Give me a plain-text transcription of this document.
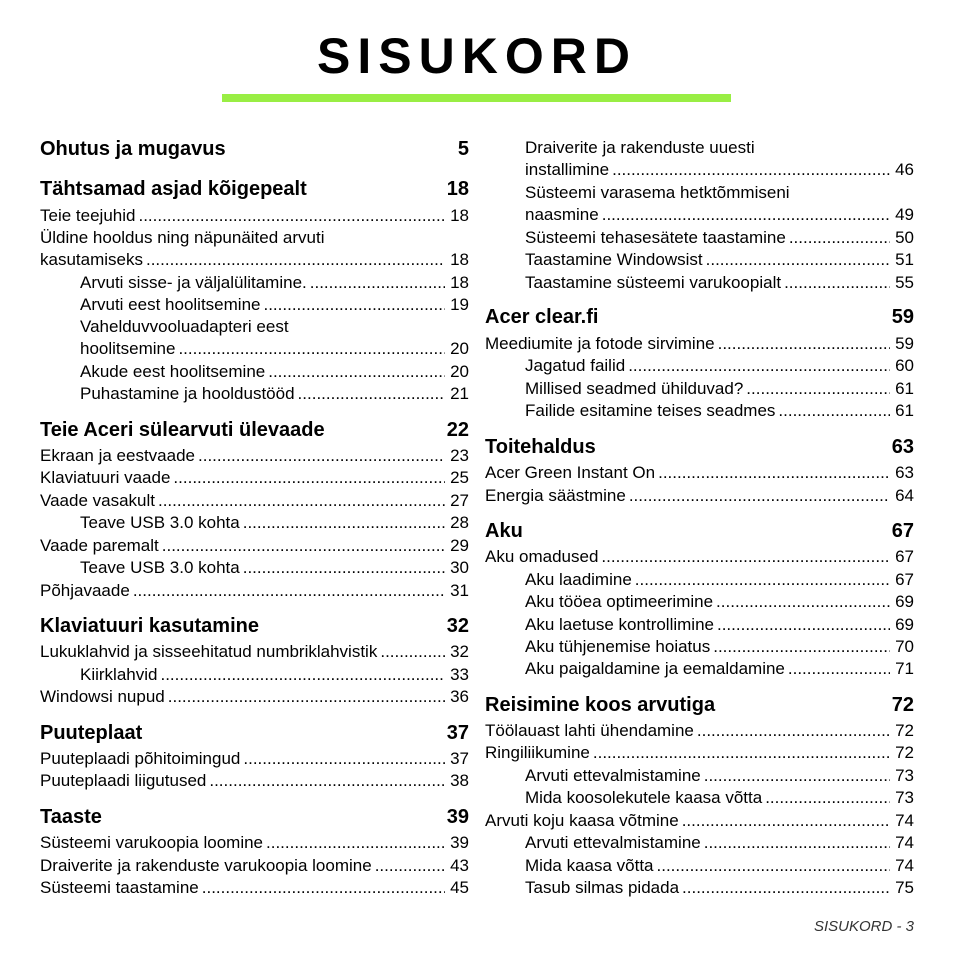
SISUKORD
Ohutus ja mugavus	5
Tähtsamad asjad kõigepealt	18
Teie teejuhid .....	18
Üldine hooldus ning näpunäited arvuti
kasutamiseks .....	18
Arvuti sisse- ja väljalülitamine. .....	18
Arvuti eest hoolitsemine .....	19
Vahelduvvooluadapteri eest
hoolitsemine .....	20
Akude eest hoolitsemine .....	20
Puhastamine ja hooldustööd .....	21
Teie Aceri sülearvuti ülevaade	22
Ekraan ja eestvaade .....	23
Klaviatuuri vaade .....	25
Vaade vasakult .....	27
Teave USB 3.0 kohta .....	28
Vaade paremalt .....	29
Teave USB 3.0 kohta .....	30
Põhjavaade .....	31
Klaviatuuri kasutamine	32
Lukuklahvid ja sisseehitatud numbriklahvistik .....	32
Kiirklahvid .....	33
Windowsi nupud .....	36
Puuteplaat	37
Puuteplaadi põhitoimingud .....	37
Puuteplaadi liigutused .....	38
Taaste	39
Süsteemi varukoopia loomine .....	39
Draiverite ja rakenduste varukoopia loomine .....	43
Süsteemi taastamine .....	45
Draiverite ja rakenduste uuesti
installimine .....	46
Süsteemi varasema hetktõmmiseni
naasmine .....	49
Süsteemi tehasesätete taastamine .....	50
Taastamine Windowsist .....	51
Taastamine süsteemi varukoopialt .....	55
Acer clear.fi	59
Meediumite ja fotode sirvimine .....	59
Jagatud failid .....	60
Millised seadmed ühilduvad? .....	61
Failide esitamine teises seadmes .....	61
Toitehaldus	63
Acer Green Instant On .....	63
Energia säästmine .....	64
Aku	67
Aku omadused .....	67
Aku laadimine .....	67
Aku tööea optimeerimine .....	69
Aku laetuse kontrollimine .....	69
Aku tühjenemise hoiatus .....	70
Aku paigaldamine ja eemaldamine .....	71
Reisimine koos arvutiga	72
Töölauast lahti ühendamine .....	72
Ringiliikumine .....	72
Arvuti ettevalmistamine .....	73
Mida koosolekutele kaasa võtta .....	73
Arvuti koju kaasa võtmine .....	74
Arvuti ettevalmistamine .....	74
Mida kaasa võtta .....	74
Tasub silmas pidada .....	75
SISUKORD - 3
